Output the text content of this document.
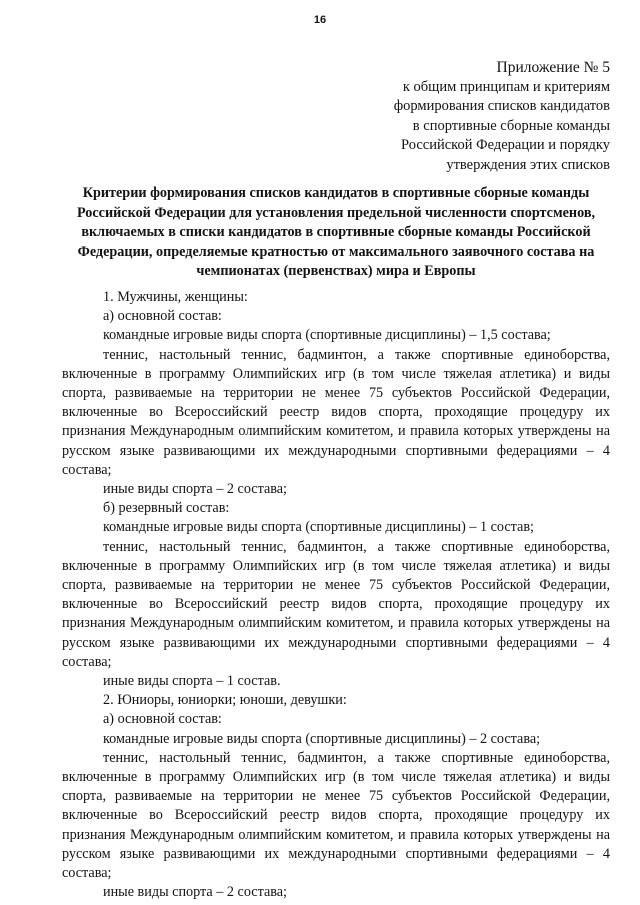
16
Приложение № 5
к общим принципам и критериям
формирования списков кандидатов
в спортивные сборные команды
Российской Федерации и порядку
утверждения этих списков
Критерии формирования списков кандидатов в спортивные сборные команды Российской Федерации для установления предельной численности спортсменов, включаемых в списки кандидатов в спортивные сборные команды Российской Федерации, определяемые кратностью от максимального заявочного состава на чемпионатах (первенствах) мира и Европы

1. Мужчины, женщины:

а) основной состав:

командные игровые виды спорта (спортивные дисциплины) – 1,5 состава;

теннис, настольный теннис, бадминтон, а также спортивные единоборства, включенные в программу Олимпийских игр (в том числе тяжелая атлетика) и виды спорта, развиваемые на территории не менее 75 субъектов Российской Федерации, включенные во Всероссийский реестр видов спорта, проходящие процедуру их признания Международным олимпийским комитетом, и правила которых утверждены на русском языке развивающими их международными спортивными федерациями – 4 состава;

иные виды спорта – 2 состава;

б) резервный состав:

командные игровые виды спорта (спортивные дисциплины) – 1 состав;

теннис, настольный теннис, бадминтон, а также спортивные единоборства, включенные в программу Олимпийских игр (в том числе тяжелая атлетика) и виды спорта, развиваемые на территории не менее 75 субъектов Российской Федерации, включенные во Всероссийский реестр видов спорта, проходящие процедуру их признания Международным олимпийским комитетом, и правила которых утверждены на русском языке развивающими их международными спортивными федерациями – 4 состава;

иные виды спорта – 1 состав.

2. Юниоры, юниорки; юноши, девушки:

а) основной состав:

командные игровые виды спорта (спортивные дисциплины) – 2 состава;

теннис, настольный теннис, бадминтон, а также спортивные единоборства, включенные в программу Олимпийских игр (в том числе тяжелая атлетика) и виды спорта, развиваемые на территории не менее 75 субъектов Российской Федерации, включенные во Всероссийский реестр видов спорта, проходящие процедуру их признания Международным олимпийским комитетом, и правила которых утверждены на русском языке развивающими их международными спортивными федерациями – 4 состава;

иные виды спорта – 2 состава;
